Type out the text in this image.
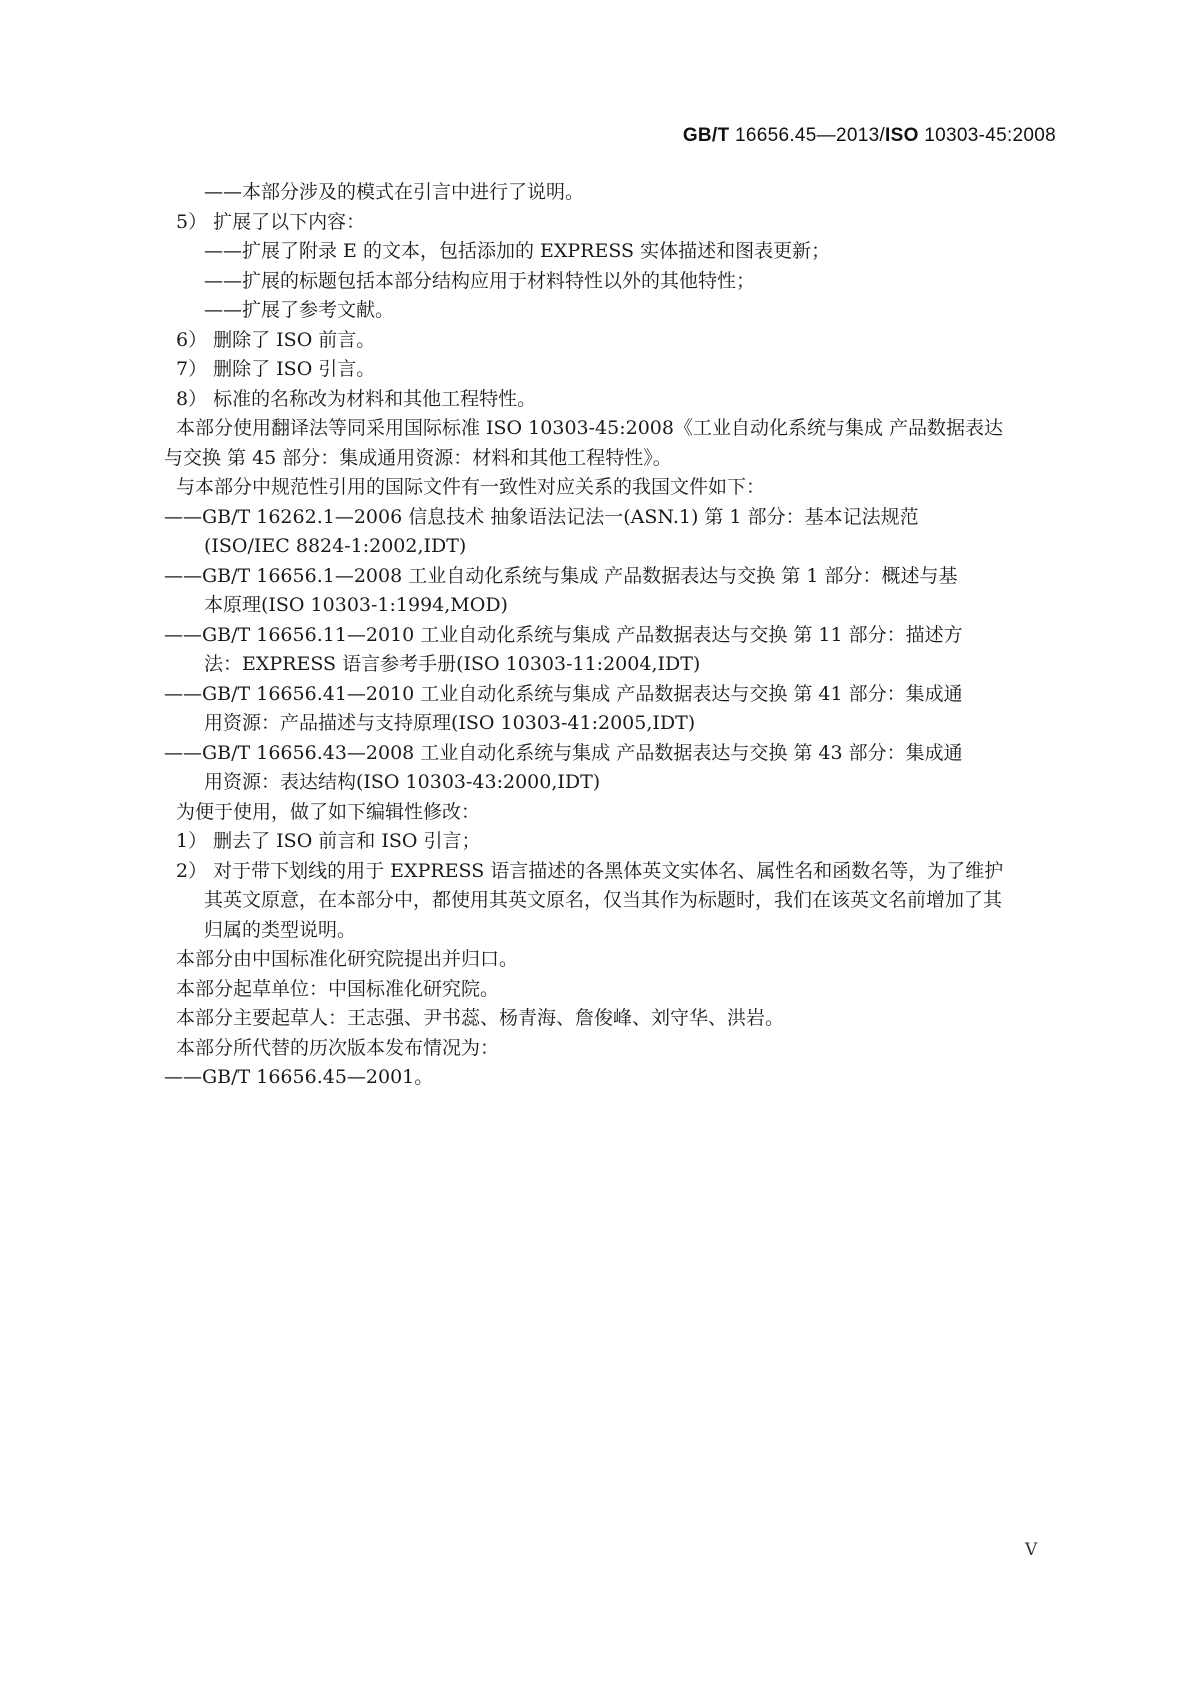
GB/T 16656.45—2013/ISO 10303-45:2008
——本部分涉及的模式在引言中进行了说明。
5） 扩展了以下内容：
——扩展了附录 E 的文本，包括添加的 EXPRESS 实体描述和图表更新；
——扩展的标题包括本部分结构应用于材料特性以外的其他特性；
——扩展了参考文献。
6） 删除了 ISO 前言。
7） 删除了 ISO 引言。
8） 标准的名称改为材料和其他工程特性。
本部分使用翻译法等同采用国际标准 ISO 10303-45:2008《工业自动化系统与集成 产品数据表达
与交换 第 45 部分：集成通用资源：材料和其他工程特性》。
与本部分中规范性引用的国际文件有一致性对应关系的我国文件如下：
——GB/T 16262.1—2006 信息技术 抽象语法记法一(ASN.1) 第 1 部分：基本记法规范
(ISO/IEC 8824-1:2002,IDT)
——GB/T 16656.1—2008 工业自动化系统与集成 产品数据表达与交换 第 1 部分：概述与基
本原理(ISO 10303-1:1994,MOD)
——GB/T 16656.11—2010 工业自动化系统与集成 产品数据表达与交换 第 11 部分：描述方
法：EXPRESS 语言参考手册(ISO 10303-11:2004,IDT)
——GB/T 16656.41—2010 工业自动化系统与集成 产品数据表达与交换 第 41 部分：集成通
用资源：产品描述与支持原理(ISO 10303-41:2005,IDT)
——GB/T 16656.43—2008 工业自动化系统与集成 产品数据表达与交换 第 43 部分：集成通
用资源：表达结构(ISO 10303-43:2000,IDT)
为便于使用，做了如下编辑性修改：
1） 删去了 ISO 前言和 ISO 引言；
2） 对于带下划线的用于 EXPRESS 语言描述的各黑体英文实体名、属性名和函数名等，为了维护
其英文原意，在本部分中，都使用其英文原名，仅当其作为标题时，我们在该英文名前增加了其
归属的类型说明。
本部分由中国标准化研究院提出并归口。
本部分起草单位：中国标准化研究院。
本部分主要起草人：王志强、尹书蕊、杨青海、詹俊峰、刘守华、洪岩。
本部分所代替的历次版本发布情况为：
——GB/T 16656.45—2001。
V
